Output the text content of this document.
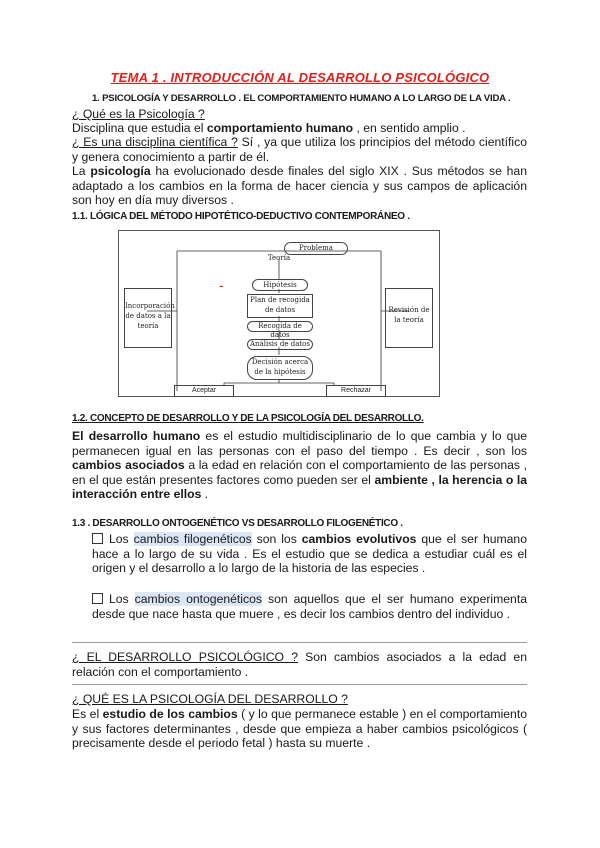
TEMA 1 . INTRODUCCIÓN AL DESARROLLO PSICOLÓGICO
1. PSICOLOGÍA Y DESARROLLO . EL COMPORTAMIENTO HUMANO A LO LARGO DE LA VIDA .
¿ Qué es la Psicología ?
Disciplina que estudia el comportamiento humano , en sentido amplio .
¿ Es una disciplina científica ? Sí , ya que utiliza los principios del método científico y genera conocimiento a partir de él.
La psicología ha evolucionado desde finales del siglo XIX . Sus métodos se han adaptado a los cambios en la forma de hacer ciencia y sus campos de aplicación son hoy en día muy diversos .
1.1. LÓGICA DEL MÉTODO HIPOTÉTICO-DEDUCTIVO CONTEMPORÁNEO .
-
Problema
Teoría
Hipótesis
Plan de recogida de datos
Recogida de datos
Análisis de datos
Decisión acerca de la hipótesis
Incorporación de datos a la teoría
Revisión de la teoría
Aceptar	Rechazar
1.2. CONCEPTO DE DESARROLLO Y DE LA PSICOLOGÍA DEL DESARROLLO.
El desarrollo humano es el estudio multidisciplinario de lo que cambia y lo que permanecen igual en las personas con el paso del tiempo . Es decir , son los cambios asociados a la edad en relación con el comportamiento de las personas , en el que están presentes factores como pueden ser el ambiente , la herencia o la interacción entre ellos .
1.3 . DESARROLLO ONTOGENÉTICO VS DESARROLLO FILOGENÉTICO .
Los cambios filogenéticos son los cambios evolutivos que el ser humano hace a lo largo de su vida . Es el estudio que se dedica a estudiar cuál es el origen y el desarrollo a lo largo de la historia de las especies .
Los cambios ontogenéticos son aquellos que el ser humano experimenta desde que nace hasta que muere , es decir los cambios dentro del individuo .
¿ EL DESARROLLO PSICOLÓGICO ? Son cambios asociados a la edad en relación con el comportamiento .
¿ QUÉ ES LA PSICOLOGÍA DEL DESARROLLO ?
Es el estudio de los cambios ( y lo que permanece estable ) en el comportamiento y sus factores determinantes , desde que empieza a haber cambios psicológicos ( precisamente desde el periodo fetal ) hasta su muerte .
